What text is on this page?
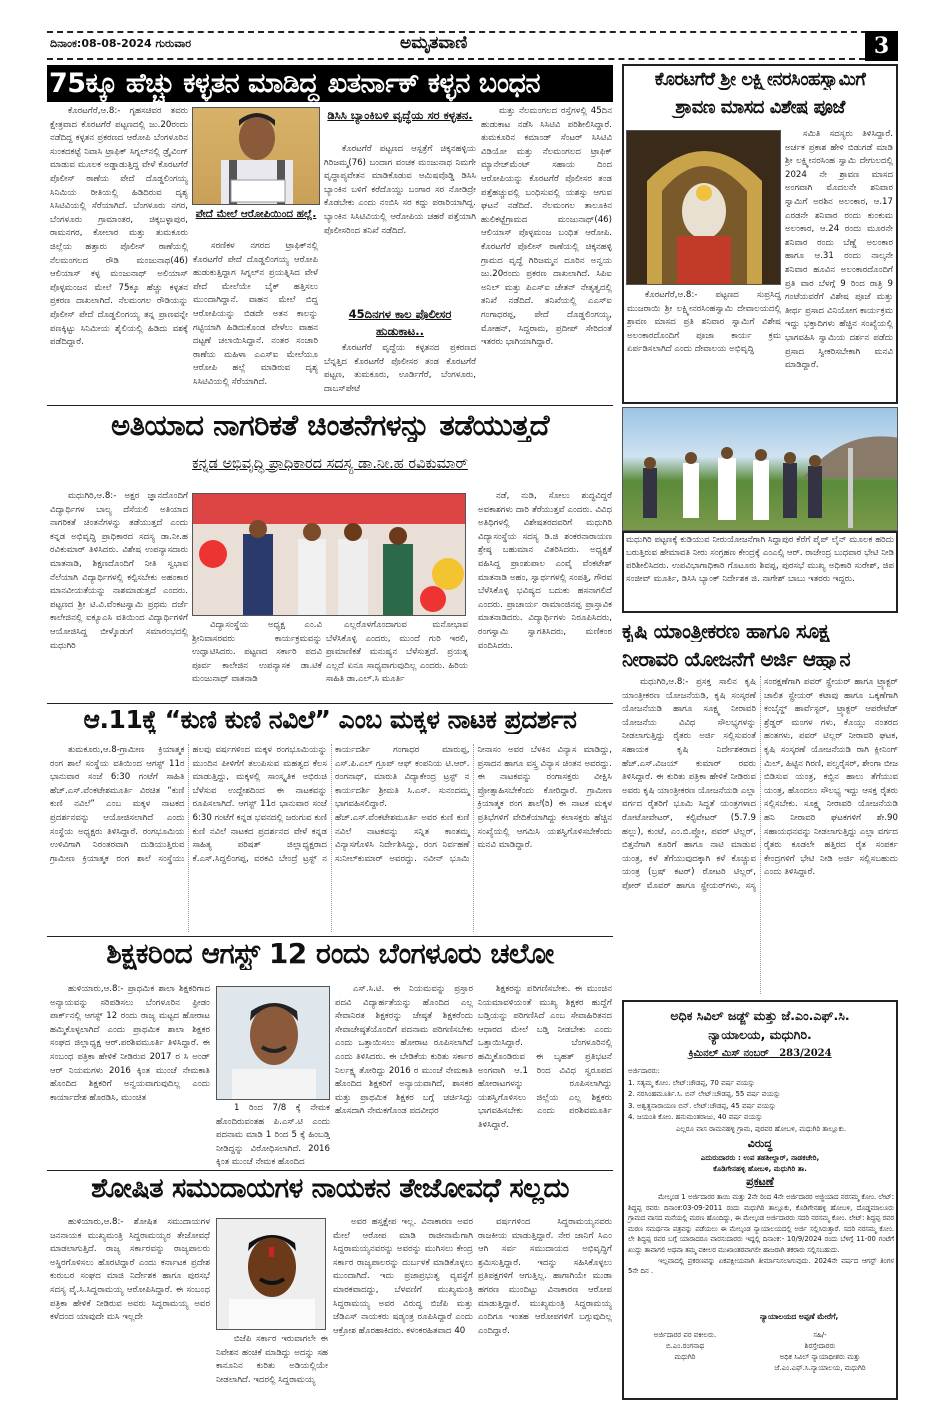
ದಿನಾಂಕ:08-08-2024 ಗುರುವಾರ	ಅಮೃತವಾಣಿ	3
75ಕ್ಕೂ ಹೆಚ್ಚು ಕಳ್ಳತನ ಮಾಡಿದ್ದ ಖತರ್ನಾಕ್ ಕಳ್ಳನ ಬಂಧನ

ಕೊರಟಗೆರೆ,ಆ.8:- ಗೃಹಸಚಿವರ ತವರು ಕ್ಷೇತ್ರವಾದ ಕೊರಟಗೆರೆ ಪಟ್ಟಣದಲ್ಲಿ ಜು.20ರಂದು ನಡೆದಿದ್ದ ಕಳ್ಳತನ ಪ್ರಕರಣದ ಆರೋಪಿ ಬೆಂಗಳೂರಿನ ಸುಂಕದಕಟ್ಟೆ ನಿವಾಸಿ ಟ್ರಾಫಿಕ್ ಸಿಗ್ನಲ್‌ನಲ್ಲಿ ಡ್ರೈವಿಂಗ್ ಮಾಡುವ ಮೂಲಕ ಅಡ್ಡಾಡುತ್ತಿದ್ದ ವೇಳೆ ಕೊರಟಗೆರೆ ಪೊಲೀಸ್ ಠಾಣೆಯ ಪೇದೆ ದೊಡ್ಡಲಿಂಗಯ್ಯ ಸಿನಿಮಿಯ ರೀತಿಯಲ್ಲಿ ಹಿಡಿದಿರುವ ದೃಶ್ಯ ಸಿಸಿಟಿವಿಯಲ್ಲಿ ಸೆರೆಯಾಗಿದೆ. ಬೆಂಗಳೂರು ನಗರ, ಬೆಂಗಳೂರು ಗ್ರಾಮಾಂತರ, ಚಿಕ್ಕಬಳ್ಳಾಪುರ, ರಾಮನಗರ, ಕೋಲಾರ ಮತ್ತು ತುಮಕೂರು ಜಿಲ್ಲೆಯ ಹತ್ತಾರು ಪೊಲೀಸ್ ಠಾಣೆಯಲ್ಲಿ ನೆಲಮಂಗಲದ ರೌಡಿ ಮಂಜುನಾಥ(46) ಆಲಿಯಾಸ್ ಕಳ್ಳ ಮಂಜುನಾಥ್ ಅಲಿಯಾಸ್ ಪೊಳ್ಳಮಂಜನ ಮೇಲೆ 75ಕ್ಕೂ ಹೆಚ್ಚು ಕಳ್ಳತನ ಪ್ರಕರಣ ದಾಖಲಾಗಿದೆ. ನೆಲಮಂಗಲ ರೌಡಿಯನ್ನು ಪೊಲೀಸ್ ಪೇದೆ ದೊಡ್ಡಲಿಂಗಯ್ಯ ತನ್ನ ಪ್ರಾಣವನ್ನೇ ಪಣಕ್ಕಿಟ್ಟು ಸಿನಿಮೀಯ ಶೈಲಿಯಲ್ಲಿ ಹಿಡಿದು ವಶಕ್ಕೆ ಪಡೆದಿದ್ದಾರೆ.

ಪೇದೆ ಮೇಲೆ ಆರೋಪಿಯಿಂದ ಹಲ್ಲೆ.

ಸರಣಿಕಳ ನಗರದ ಟ್ರಾಫಿಕ್‌ನಲ್ಲಿ ಕೊರಟಗೆರೆ ಪೇದೆ ದೊಡ್ಡಲಿಂಗಯ್ಯ ಆರೋಪಿ ಹುಡುಕುತ್ತಿದ್ದಾಗ ಸಿಗ್ನಲ್‌ನ ಪ್ರಯತ್ನಿಸಿದ ವೇಳೆ ಪೇದೆ ಮೇಲೆಯೇ ಬೈಕ್ ಹತ್ತಿಸಲು ಮುಂದಾಗಿದ್ದಾನೆ. ವಾಹನ ಮೇಲೆ ಬಿದ್ದ ಆರೋಪಿಯನ್ನು ಬಿಡದೇ ಅತನ ಕಾಲನ್ನು ಗಟ್ಟಿಯಾಗಿ ಹಿಡಿದುಕೊಂಡ ವೇಳೆಲು ವಾಹನ ದಟ್ಟಣೆ ಚಲಾಯಿಸಿದ್ದಾನೆ. ನಂತರ ಸಂಚಾರಿ ಠಾಣೆಯ ಮಹಿಳಾ ಎಎಸ್ಐ ಮೇಲೆಯೂ ಆರೋಪಿ ಹಲ್ಲೆ ಮಾಡಿರುವ ದೃಶ್ಯ ಸಿಸಿಟಿವಿಯಲ್ಲಿ ಸೆರೆಯಾಗಿದೆ.

ಡಿಸಿಸಿ ಬ್ಯಾಂಕಿಬಳಿ ವೃದ್ಧೆಯ ಸರ ಕಳ್ಳತನ.

ಕೊರಟಗೆರೆ ಪಟ್ಟಣದ ಆಸ್ಪತ್ರೆಗೆ ಚಿಕ್ಕನಹಳ್ಳಿಯ ಗಿರಿಜಮ್ಮ(76) ಬಂದಾಗ ವಂಚಕ ಮಂಜುನಾಥ ನಿಮಗೇ ವೃದ್ಧಾಪ್ಯವೇತನ ಮಾಡಿಕೊಡುವ ಆಮಿಷವೊಡ್ಡಿ ಡಿಸಿಸಿ ಬ್ಯಾಂಕಿನ ಬಳಿಗೆ ಕರೆದೊಯ್ದು ಬಂಗಾರ ಸರ ನೋಡಿದ್ರೇ ಕೊಡಬೇಕು ಎಂದು ನಂಬಿಸಿ ಸರ ಕದ್ದು ಪರಾರಿಯಾಗಿದ್ದ. ಬ್ಯಾಂಕಿನ ಸಿಸಿಟಿವಿಯಲ್ಲಿ ಆರೋಪಿಯ ಚಹರೆ ಪತ್ತೆಯಾಗಿ ಪೊಲೀಸರಿಂದ ತನಿಖೆ ನಡೆದಿದೆ.

45ದಿನಗಳ ಕಾಲ ಪೊಲೀಸರ ಹುಡುಕಾಟ..

ಕೊರಟಗೆರೆ ವೃದ್ಧೆಯ ಕಳ್ಳತನದ ಪ್ರಕರಣದ ಬೆನ್ನತ್ತಿದ ಕೊರಟಗೆರೆ ಪೊಲೀಸರ ತಂಡ ಕೊರಟಗೆರೆ ಪಟ್ಟಣ, ತುಮಕೂರು, ಊರ್ಡಿಗೆರೆ, ಬೆಂಗಳೂರು, ದಾಬಸ್‌ಪೇಟೆ

ಮತ್ತು ನೆಲಮಂಗಲದ ರಸ್ತೆಗಳಲ್ಲಿ 45ದಿನ ಹುಡುಕಾಟ ನಡೆಸಿ ಸಿಸಿಟಿವಿ ಪರಿಶೀಲಿಸಿದ್ದಾರೆ. ತುಮಕೂರಿನ ಕಮಾಂಡ್ ಸೆಂಟರ್ ಸಿಸಿಟಿವಿ ವಿಡಿಯೋ ಮತ್ತು ನೆಲಮಂಗಲದ ಟ್ರಾಫಿಕ್ ಮ್ಯಾನೇಜ್‌ಮೆಂಟ್ ಸಹಾಯ ದಿಂದ ಆರೋಪಿಯನ್ನು ಕೊರಟಗೆರೆ ಪೊಲೀಸರ ತಂಡ ಪತ್ತೆಹಚ್ಚುವಲ್ಲಿ ಬಂಧಿಸುವಲ್ಲಿ ಯಶಸ್ಸು ಆಗುವ ಘಟನೆ ನಡೆದಿದೆ. ನೆಲಮಂಗಲ ತಾಲೂಕಿನ ಹುಲಿಕಟ್ಟೆಗ್ರಾಮದ ಮಂಜುನಾಥ್(46) ಆಲಿಯಾಸ್ ಪೊಳ್ಳಮಂಜ ಬಂಧಿತ ಆರೋಪಿ. ಕೊರಟಗೆರೆ ಪೊಲೀಸ್ ಠಾಣೆಯಲ್ಲಿ ಚಿಕ್ಕನಹಳ್ಳಿ ಗ್ರಾಮದ ವೃದ್ಧೆ ಗಿರಿಜಮ್ಮನ ದೂರಿನ ಅನ್ವಯ ಜು.20ರಂದು ಪ್ರಕರಣ ದಾಖಲಾಗಿದೆ. ಸಿಪಿಐ ಅನಿಲ್ ಮತ್ತು ಪಿಎಸ್ಐ ಚೇತನ್ ನೇತೃತ್ವದಲ್ಲಿ ತನಿಖೆ ನಡೆದಿದೆ. ತನಿಖೆಯಲ್ಲಿ ಎಎಸ್ಐ ಗಂಗಾಧರಪ್ಪ, ಪೇದೆ ದೊಡ್ಡಲಿಂಗಯ್ಯ, ಮೋಹನ್, ಸಿದ್ದರಾಮ, ಪ್ರದೀಪ್ ಸೇರಿದಂತೆ ಇತರರು ಭಾಗಿಯಾಗಿದ್ದಾರೆ.

ಕೊರಟಗೆರೆ ಶ್ರೀ ಲಕ್ಷ್ಮೀನರಸಿಂಹಸ್ವಾಮಿಗೆ
ಶ್ರಾವಣ ಮಾಸದ ವಿಶೇಷ ಪೂಜೆ

ಸಮಿತಿ ಸದಸ್ಯರು ತಿಳಿಸಿದ್ದಾರೆ. ಅರ್ಚಕ ಪ್ರಕಾಶ ಹೇಳಿ ಬಿಡುಗಡೆ ಮಾಡಿ ಶ್ರೀ ಲಕ್ಷ್ಮೀನರಸಿಂಹ ಸ್ವಾಮಿ ದೇಗುಲದಲ್ಲಿ 2024 ನೇ ಶ್ರಾವಣ ಮಾಸದ ಅಂಗವಾಗಿ ಮೊದಲನೇ ಶನಿವಾರ ಸ್ವಾಮಿಗೆ ಅರಶಿನ ಅಲಂಕಾರ, ಆ.17 ಎರಡನೇ ಶನಿವಾರ ರಂದು ಕುಂಕುಮ ಅಲಂಕಾರ, ಆ.24 ರಂದು ಮೂರನೇ ಶನಿವಾರ ರಂದು ಬೆಣ್ಣೆ ಅಲಂಕಾರ ಹಾಗೂ ಆ.31 ರಂದು ನಾಲ್ಕನೇ ಶನಿವಾರ ಹೂವಿನ ಅಲಂಕಾರದೊಂದಿಗೆ ಪ್ರತಿ ವಾರ ಬೆಳಗ್ಗೆ 9 ರಿಂದ ರಾತ್ರಿ 9 ಗಂಟೆಯವರೆಗೆ ವಿಶೇಷ ಪೂಜೆ ಮತ್ತು ತೀರ್ಥ ಪ್ರಸಾದ ವಿನಿಯೋಗ ಕಾರ್ಯಕ್ರಮ ಇದ್ದು ಭಕ್ತಾದಿಗಳು ಹೆಚ್ಚಿನ ಸಂಖ್ಯೆಯಲ್ಲಿ ಭಾಗವಹಿಸಿ ಸ್ವಾಮಿಯ ದರ್ಶನ ಪಡೆದು ಪ್ರಸಾದ ಸ್ವೀಕರಿಸಬೇಕಾಗಿ ಮನವಿ ಮಾಡಿದ್ದಾರೆ.

ಕೊರಟಗೆರೆ,ಆ.8:- ಪಟ್ಟಣದ ಸುಪ್ರಸಿದ್ಧ ಮುಜರಾಯಿ ಶ್ರೀ ಲಕ್ಷ್ಮೀನರಸಿಂಹಸ್ವಾಮಿ ದೇವಾಲಯದಲ್ಲಿ ಶ್ರಾವಣ ಮಾಸದ ಪ್ರತಿ ಶನಿವಾರ ಸ್ವಾಮಿಗೆ ವಿಶೇಷ ಅಲಂಕಾರದೊಂದಿಗೆ ಪೂಜಾ ಕಾರ್ಯ ಕ್ರಮ ಏರ್ಪಡಿಸಲಾಗಿದೆ ಎಂದು ದೇವಾಲಯ ಅಭಿವೃದ್ಧಿ

ಅತಿಯಾದ ನಾಗರಿಕತೆ ಚಿಂತನೆಗಳನ್ನು ತಡೆಯುತ್ತದೆ
ಕನ್ನಡ ಅಭಿವೃದ್ಧಿ ಪ್ರಾಧಿಕಾರದ ಸದಸ್ಯ ಡಾ.ನೀ.ಹ ರವಿಕುಮಾರ್

ಮಧುಗಿರಿ,ಆ.8:- ಅಕ್ಷರ ಜ್ಞಾನದೊಂದಿಗೆ ವಿದ್ಯಾರ್ಥಿಗಳ ಬಾಲ್ಯ ದೆಸೆಯಲಿ ಅತಿಯಾದ ನಾಗರಿಕತೆ ಚಿಂತನೆಗಳನ್ನು ತಡೆಯುತ್ತದೆ ಎಂದು ಕನ್ನಡ ಅಭಿವೃದ್ಧಿ ಪ್ರಾಧಿಕಾರದ ಸದಸ್ಯ ಡಾ.ನೀ.ಹ ರವಿಕುಮಾರ್ ತಿಳಿಸಿದರು. ವಿಶೇಷ ಉಪನ್ಯಾಸದಾರು ಮಾತನಾಡಿ, ಶಿಕ್ಷಣದೊಂದಿಗೆ ನೀತಿ ಸ್ವಭಾವ ನೆಲೆಯಾಗಿ ವಿದ್ಯಾರ್ಥಿಗಳಲ್ಲಿ ಕಲ್ಪಿಸಬೇಕು ಅಹಂಕಾರ ಮಾನವೀಯತೆಯನ್ನು ನಾಶಮಾಡುತ್ತದೆ ಎಂದರು. ಪಟ್ಟಣದ ಶ್ರೀ ಟಿ.ವಿ.ವೆಂಕಟಸ್ವಾಮಿ ಪ್ರಥಮ ದರ್ಜೆ ಕಾಲೇಜಿನಲ್ಲಿ ಐಕ್ಯೂಎಸಿ ವತಿಯಿಂದ ವಿದ್ಯಾರ್ಥಿಗಳಿಗೆ ಆಯೋಜಿಸಿದ್ದ ಬೀಳ್ಕೊಡುಗೆ ಸಮಾರಂಭದಲ್ಲಿ ಮಧುಗಿರಿ

ವಿದ್ಯಾಸಂಸ್ಥೆಯ ಅಧ್ಯಕ್ಷ ಎಂ.ವಿ ಶ್ರೀನಿವಾಸರವರು ಕಾರ್ಯಕ್ರಮವನ್ನು ಉದ್ಘಾಟಿಸಿದರು. ಪಟ್ಟಣದ ಸರ್ಕಾರಿ ಪದವಿ ಪೂರ್ವ ಕಾಲೇಜಿನ ಉಪನ್ಯಾಸಕ ಡಾ.ಟಿಕೆ ಮಂಜುನಾಥ್ ವಾತನಾಡಿ

ಎಲ್ಲರೊಳಗೊಂದಾಗುವ ಮನೋಭಾವ ಬೆಳೆಸಿಕೊಳ್ಳಿ ಎಂದರು, ಮುಂದೆ ಗುರಿ ಇರಲಿ, ಪ್ರಾಮಾಣಿಕತೆ ಮನುಷ್ಯನ ಬೆಳೆಸುತ್ತದೆ. ಪ್ರಯತ್ನ ಎಲ್ಲದೆ ಏನೂ ಸಾಧ್ಯವಾಗುವುದಿಲ್ಲ ಎಂದರು. ಹಿರಿಯ ಸಾಹಿತಿ ಡಾ.ಎಲ್.ಸಿ ಮೂರ್ತಿ

ನಡೆ, ನುಡಿ, ಸೋಲು ಶುದ್ಧವಿದ್ದರೆ ಅವಕಾಶಗಳು ದಾರಿ ತೆರೆಯುತ್ತವೆ ಎಂದರು. ವಿವಿಧ ಅತಿಥಿಗಳಲ್ಲಿ ವಿಶೇಷತರದವರಿಗೆ ಮಧುಗಿರಿ ವಿದ್ಯಾಸಂಸ್ಥೆಯ ಸದಸ್ಯ ಡಿ.ಜಿ ಶಂಕರನಾರಾಯಣ ಶ್ರೇಷ್ಠ ಬಹುಮಾನ ವಿತರಿಸಿದರು. ಅಧ್ಯಕ್ಷತೆ ವಹಿಸಿದ್ದ ಪ್ರಾಂಶುಪಾಲ ಎಂವೈ ವೆಂಕಟೇಶ್ ಮಾತನಾಡಿ ಅಹಂ, ಸ್ವಾರ್ಥಗಳಲ್ಲಿ ಸಂಪತ್ತಿ, ಗೌರವ ಬೆಳೆಸಿಕೊಳ್ಳಿ ಭವಿಷ್ಯದ ಬದುಕು ಹಸನಾಗಲಿದೆ ಎಂದರು. ಪ್ರಾಚಾರ್ಯ ರಾಮಾಂಜಿನಪ್ಪ ಪ್ರಾಸ್ತಾವಿಕ ಮಾತನಾಡಿದರು. ವಿದ್ಯಾರ್ಥಿಗಳು ನಿರೂಪಿಸಿದರು, ರಂಗಸ್ವಾಮಿ ಸ್ವಾಗತಿಸಿದರು, ಮಣಿಕಂಠ ವಂದಿಸಿದರು.

ಮಧುಗಿರಿ ಪಟ್ಟಣಕ್ಕೆ ಕುಡಿಯುವ ನೀರುಯೋಜನೆಗಾಗಿ ಸಿದ್ದಾಪುರ ಕೆರೆಗೆ ಪೈಪ್ ಲೈನ್ ಮೂಲಕ ಹರಿದು ಬರುತ್ತಿರುವ ಹೇಮಾವತಿ ನೀರು ಸಂಗ್ರಹಣ ಕೇಂದ್ರಕ್ಕೆ ಎಂಎಲ್ಸಿ ಆರ್. ರಾಜೇಂದ್ರ ಬುಧವಾರ ಭೇಟಿ ನೀಡಿ ಪರಿಶೀಲಿಸಿದರು. ಉಪವಿಭಾಗಾಧಿಕಾರಿ ಗೊಟೂರು ಶಿವಪ್ಪ, ಪುರಸಭೆ ಮುಖ್ಯ ಅಧಿಕಾರಿ ಸುರೇಶ್, ಜಿಪ ಸಂಜೀವ್ ಮೂರ್ತಿ, ಡಿಸಿಸಿ ಬ್ಯಾಂಕ್ ನಿರ್ದೇಶಕ ಜಿ. ನಾಗೇಶ್ ಬಾಬು ಇತರರು ಇದ್ದರು.
ಕೃಷಿ ಯಾಂತ್ರೀಕರಣ ಹಾಗೂ ಸೂಕ್ಷ್ಮ
ನೀರಾವರಿ ಯೋಜನೆಗೆ ಅರ್ಜಿ ಆಹ್ವಾನ

ಮಧುಗಿರಿ,ಆ.8:- ಪ್ರಸಕ್ತ ಸಾಲಿನ ಕೃಷಿ ಯಾಂತ್ರೀಕರಣ ಯೋಜನೆಯಡಿ, ಕೃಷಿ ಸಂಸ್ಕರಣೆ ಯೋಜನೆಯಡಿ ಹಾಗೂ ಸೂಕ್ಷ್ಮ ನೀರಾವರಿ ಯೋಜನೆಯ ವಿವಿಧ ಸೌಲಭ್ಯಗಳನ್ನು ನೀಡಲಾಗುತ್ತಿದ್ದು ರೈತರು ಅರ್ಜಿ ಸಲ್ಲಿಸುವಂತೆ ಸಹಾಯಕ ಕೃಷಿ ನಿರ್ದೇಶಕರಾದ ಹೆಚ್.ಎಸ್.ವಿಜಯ್ ಕುಮಾರ್ ರವರು ತಿಳಿಸಿದ್ದಾರೆ. ಈ ಕುರಿತು ಪತ್ರಿಕಾ ಹೇಳಿಕೆ ನೀಡಿರುವ ಅವರು ಕೃಷಿ ಯಾಂತ್ರೀಕರಣ ಯೋಜನೆಯಡಿ ಎಲ್ಲಾ ವರ್ಗದ ರೈತರಿಗೆ ಭೂಮಿ ಸಿದ್ಧತೆ ಯಂತ್ರಗಳಾದ ರೋಟೋವೇಟರ್, ಕಲ್ಟಿವೇಟರ್ (5.7.9 ಹಲ್ಲು), ಕುಂಟೆ, ಎಂ.ಬಿ.ಪ್ಲೋ, ಪವರ್ ಟಿಲ್ಲರ್, ಬಿತ್ತನೆಗಾಗಿ ಕೂರಿಗೆ ಹಾಗೂ ನಾಟಿ ಮಾಡುವ ಯಂತ್ರ, ಕಳೆ ತೆಗೆಯುವುದಕ್ಕಾಗಿ ಕಳೆ ಕೊಚ್ಚುವ ಯಂತ್ರ (ಬ್ರಷ್ ಕಟರ್) ರೋಟರಿ ಟಿಲ್ಲರ್, ಪೋರ್ ಮೊವರ್ ಹಾಗೂ ಸ್ಪ್ರೇಯರ್‌ಗಳು, ಸಸ್ಯ ಸಂರಕ್ಷಣೆಗಾಗಿ ಪವರ್ ಸ್ಪ್ರೇಯರ್ ಹಾಗೂ ಟ್ರ್ಯಾಕ್ಟರ್ ಚಾಲಿತ ಸ್ಪ್ರೇಯರ್ ಕಟಾವು ಹಾಗೂ ಒಕ್ಕಣೆಗಾಗಿ ಕಂಬೈನ್ಡ್ ಹಾರ್ವೆಸ್ಟರ್, ಟ್ರ್ಯಾಕ್ಟರ್ ಆಪರೇಟೆಡ್ ಶ್ರೆಡ್ಡರ್ ಮಂಗಳ ಗಳು, ಕೊಯ್ಲು ನಂತರದ ಹಂತಗಳು, ಪವರ್ ಟಿಲ್ಲರ್ ನೀರಾವರಿ ಘಟಕ, ಕೃಷಿ ಸಂಸ್ಕರಣೆ ಯೋಜನೆಯಡಿ ರಾಗಿ ಕ್ಲೀನಿಂಗ್ ಮಿಲ್, ಹಿಟ್ಟಿನ ಗಿರಣಿ, ಪಲ್ವರೈಸರ್, ಶೇಂಗಾ ಬೀಜ ಬಿಡಿಸುವ ಯಂತ್ರ, ಕಬ್ಬಿನ ಹಾಲು ತೆಗೆಯುವ ಯಂತ್ರ, ಹೊಂದಲು ಸೌಲಭ್ಯ ಇದ್ದು ಆಸಕ್ತ ರೈತರು ಸಲ್ಲಿಸಬೇಕು. ಸೂಕ್ಷ್ಮ ನೀರಾವರಿ ಯೋಜನೆಯಡಿ ಹನಿ ನೀರಾವರಿ ಘಟಕಗಳಿಗೆ ಶೇ.90 ಸಹಾಯಧನವನ್ನು ನೀಡಲಾಗುತ್ತಿದ್ದು ಎಲ್ಲಾ ವರ್ಗದ ರೈತರು ಕೂಡಲೇ ಹತ್ತಿರದ ರೈತ ಸಂಪರ್ಕ ಕೇಂದ್ರಗಳಿಗೆ ಭೇಟಿ ನೀಡಿ ಅರ್ಜಿ ಸಲ್ಲಿಸಬಹುದು ಎಂದು ತಿಳಿಸಿದ್ದಾರೆ.

ಆ.11ಕ್ಕೆ “ಕುಣಿ ಕುಣಿ ನವಿಲೆ” ಎಂಬ ಮಕ್ಕಳ ನಾಟಕ ಪ್ರದರ್ಶನ

ತುಮಕೂರು,ಆ.8-ಗ್ರಾಮೀಣ ಕ್ರಿಯಾತ್ಮಕ ರಂಗ ಶಾಲೆ ಸಂಸ್ಥೆಯ ವತಿಯಿಂದ ಆಗಸ್ಟ್ 11ರ ಭಾನುವಾರ ಸಂಜೆ 6:30 ಗಂಟೆಗೆ ಸಾಹಿತಿ ಹೆಚ್.ಎಸ್.ವೆಂಕಟೇಶಮೂರ್ತಿ ವಿರಚಿತ “ಕುಣಿ ಕುಣಿ ನವಿಲೆ” ಎಂಬ ಮಕ್ಕಳ ನಾಟಕದ ಪ್ರದರ್ಶನವನ್ನು ಆಯೋಜಿಸಲಾಗಿದೆ ಎಂದು ಸಂಸ್ಥೆಯ ಅಧ್ಯಕ್ಷರು ತಿಳಿಸಿದ್ದಾರೆ. ರಂಗಭೂಮಿಯ ಉಳಿವಿಗಾಗಿ ನಿರಂತರವಾಗಿ ದುಡಿಯುತ್ತಿರುವ ಗ್ರಾಮೀಣ ಕ್ರಿಯಾತ್ಮಕ ರಂಗ ಶಾಲೆ ಸಂಸ್ಥೆಯು ಹಲವು ವರ್ಷಗಳಿಂದ ಮಕ್ಕಳ ರಂಗಭೂಮಿಯನ್ನು ಮುಂದಿನ ಪೀಳಿಗೆಗೆ ತಲುಪಿಸುವ ಮಹತ್ವದ ಕೆಲಸ ಮಾಡುತ್ತಿದ್ದು, ಮಕ್ಕಳಲ್ಲಿ ಸಾಂಸ್ಕೃತಿಕ ಅಭಿರುಚಿ ಬೆಳೆಸುವ ಉದ್ದೇಶದಿಂದ ಈ ನಾಟಕವನ್ನು ರೂಪಿಸಲಾಗಿದೆ. ಆಗಸ್ಟ್ 11ರ ಭಾನುವಾರ ಸಂಜೆ 6:30 ಗಂಟೆಗೆ ಕನ್ನಡ ಭವನದಲ್ಲಿ ಜರುಗುವ ಕುಣಿ ಕುಣಿ ನವಿಲೆ ನಾಟಕದ ಪ್ರದರ್ಶನದ ವೇಳೆ ಕನ್ನಡ ಸಾಹಿತ್ಯ ಪರಿಷತ್ ಜಿಲ್ಲಾಧ್ಯಕ್ಷರಾದ ಕೆ.ಎಸ್.ಸಿದ್ದಲಿಂಗಪ್ಪ, ವರಕವಿ ಬೇಂದ್ರೆ ಟ್ರಸ್ಟ್ ನ ಕಾರ್ಯದರ್ಶಿ ಗಂಗಾಧರ ಮಾರುಪ್ಪ, ಎಸ್.ಪಿ.ಎಲ್ ಗ್ರೂಪ್ ಆಫ್ ಕಂಪನಿಯ ಟಿ.ಆರ್. ರಂಗನಾಥ್, ಮಾರುತಿ ವಿದ್ಯಾಕೇಂದ್ರ ಟ್ರಸ್ಟ್ ನ ಕಾರ್ಯದರ್ಶಿ ಶ್ರೀಮತಿ ಸಿ.ಎಸ್. ಸುನಂದಮ್ಮ ಭಾಗವಹಿಸಲಿದ್ದಾರೆ. ಹೆಚ್.ಎಸ್.ವೆಂಕಟೇಶಮೂರ್ತಿ ಅವರ ಕುಣಿ ಕುಣಿ ನವಿಲೆ ನಾಟಕವನ್ನು ಸನ್ನಿತ ಕಾಂತಮ್ಮ ವಿನ್ಯಾಸಗೊಳಿಸಿ ನಿರ್ದೇಶಿಸಿದ್ದು, ರಂಗ ನಿರ್ವಹಣೆ ಸುನೀಲ್‌ಕುಮಾರ್ ಅವರದ್ದು. ನವೀನ್ ಭೂಮಿ ನೀನಾಸಂ ಅವರ ಬೆಳಕಿನ ವಿನ್ಯಾಸ ಮಾಡಿದ್ದು, ಪ್ರಸಾದನ ಹಾಗೂ ವಸ್ತ್ರ ವಿನ್ಯಾಸ ಚಿಂತನ ಅವರದ್ದು. ಈ ನಾಟಕವನ್ನು ರಂಗಾಸಕ್ತರು ವೀಕ್ಷಿಸಿ ಪ್ರೋತ್ಸಾಹಿಸಬೇಕೆಂದು ಕೋರಿದ್ದಾರೆ. ಗ್ರಾಮೀಣ ಕ್ರಿಯಾತ್ಮಕ ರಂಗ ಶಾಲೆ(ರಿ) ಈ ನಾಟಕ ಮಕ್ಕಳ ಪ್ರತಿಭೆಗಳಿಗೆ ವೇದಿಕೆಯಾಗಿದ್ದು ಕಲಾಸಕ್ತರು ಹೆಚ್ಚಿನ ಸಂಖ್ಯೆಯಲ್ಲಿ ಆಗಮಿಸಿ ಯಶಸ್ವಿಗೊಳಿಸಬೇಕೆಂದು ಮನವಿ ಮಾಡಿದ್ದಾರೆ.

ಶಿಕ್ಷಕರಿಂದ ಆಗಸ್ಟ್ 12 ರಂದು ಬೆಂಗಳೂರು ಚಲೋ

ಹುಳಿಯಾರು,ಆ.8:- ಪ್ರಾಥಮಿಕ ಶಾಲಾ ಶಿಕ್ಷಕರಿಗಾದ ಅನ್ಯಾಯವನ್ನು ಸರಿಪಡಿಸಲು ಬೆಂಗಳೂರಿನ ಫ್ರೀಡಂ ಪಾರ್ಕ್‌ನಲ್ಲಿ ಆಗಸ್ಟ್ 12 ರಂದು ರಾಜ್ಯ ಮಟ್ಟದ ಹೋರಾಟ ಹಮ್ಮಿಕೊಳ್ಳಲಾಗಿದೆ ಎಂದು ಪ್ರಾಥಮಿಕ ಶಾಲಾ ಶಿಕ್ಷಕರ ಸಂಘದ ಜಿಲ್ಲಾಧ್ಯಕ್ಷ ಆರ್.ಪರಶಿವಮೂರ್ತಿ ತಿಳಿಸಿದ್ದಾರೆ. ಈ ಸಂಬಂಧ ಪತ್ರಿಕಾ ಹೇಳಿಕೆ ನೀಡಿರುವ 2017 ರ ಸಿ ಅಂಡ್ ಆರ್ ನಿಯಮಗಳು 2016 ಕ್ಕಿಂತ ಮುಂಚೆ ನೇಮಕಾತಿ ಹೊಂದಿದ ಶಿಕ್ಷಕರಿಗೆ ಅನ್ವಯವಾಗುವುದಿಲ್ಲ ಎಂದು ಕಾರ್ಯಾದೇಶ ಹೊರಡಿಸಿ, ಮುಂಚಿತ

1 ರಿಂದ 7/8 ಕ್ಕೆ ನೇಮಕ ಹೊಂದಿರುವಂತಹ ಪಿ.ಎಸ್.ಟಿ ಎಂದು ಪದನಾಮ ಮಾಡಿ 1 ರಿಂದ 5 ಕ್ಕೆ ಹಿಂಬಡ್ತಿ ನೀಡಿದ್ದನ್ನು ವಿರೋಧಿಸಲಾಗಿದೆ. 2016 ಕ್ಕಿಂತ ಮುಂಚೆ ನೇಮಕ ಹೊಂದಿದ

ಎಸ್.ಸಿ.ಟಿ. ಈ ನಿಯಮವನ್ನು ಪ್ರಸ್ತಾರ ಪದವಿ ವಿದ್ಯಾರ್ಹತೆಯನ್ನು ಹೊಂದಿದ ಎಲ್ಲ ಸೇವಾನಿರತ ಶಿಕ್ಷಕರನ್ನು ಜೇಷ್ಠತೆ ಶಿಕ್ಷಕರೆಂದು ಸೇವಾಜೇಷ್ಠತೆಯೊಂದಿಗೆ ಪದನಾಮ ಪರಿಗಣಿಸಬೇಕು ಎಂದು ಒತ್ತಾಯಿಸಲು ಹೋರಾಟ ರೂಪಿಸಲಾಗಿದೆ ಎಂದು ತಿಳಿಸಿದರು. ಈ ಬೇಡಿಕೆಯ ಕುರಿತು ಸರ್ಕಾರ ನಿರ್ಲಕ್ಷ್ಯ ತೋರಿದ್ದು 2016 ರ ಮುಂಚೆ ನೇಮಕಾತಿ ಹೊಂದಿದ ಶಿಕ್ಷಕರಿಗೆ ಅನ್ಯಾಯವಾಗಿದೆ, ಶಾಸಕರ ಮತ್ತು ಪ್ರಾಥಮಿಕ ಶಿಕ್ಷಕರ ಬಗ್ಗೆ ಚರ್ಚಿಸಿದ್ದು ಹೊಸದಾಗಿ ನೇಮಕಗೊಂಡ ಪದವೀಧರ

ಶಿಕ್ಷಕರನ್ನು ಪರಿಗಣಿಸಬೇಕು. ಈ ಮುಂಚಿನ ನಿಯಮಾವಳಿಯಂತೆ ಮುಖ್ಯ ಶಿಕ್ಷಕರ ಹುದ್ದೆಗೆ ಬಡ್ತಿಯನ್ನು ಪರಿಗಣಿಸಿದೆ ಎಂಬ ಸೇವಾಹಿರಿತನದ ಆಧಾರದ ಮೇಲೆ ಬಡ್ತಿ ನೀಡಬೇಕು ಎಂದು ಒತ್ತಾಯಿಸಿದ್ದಾರೆ. ಬೆಂಗಳೂರಿನಲ್ಲಿ ಹಮ್ಮಿಕೊಂಡಿರುವ ಈ ಬೃಹತ್ ಪ್ರತಿಭಟನೆ ಅಂಗವಾಗಿ ಆ.1 ರಿಂದ ವಿವಿಧ ಸ್ವರೂಪದ ಹೋರಾಟಗಳನ್ನು ರೂಪಿಸಲಾಗಿದ್ದು ಯಶಸ್ವಿಗೊಳಿಸಲು ಜಿಲ್ಲೆಯ ಎಲ್ಲ ಶಿಕ್ಷಕರು ಭಾಗವಹಿಸಬೇಕು ಎಂದು ಪರಶಿವಮೂರ್ತಿ ತಿಳಿಸಿದ್ದಾರೆ.

ಶೋಷಿತ ಸಮುದಾಯಗಳ ನಾಯಕನ ತೇಜೋವಧೆ ಸಲ್ಲದು

ಹುಳಿಯಾರು,ಆ.8:- ಶೋಷಿತ ಸಮುದಾಯಗಳ ಜನನಾಯಕ ಮುಖ್ಯಮಂತ್ರಿ ಸಿದ್ದರಾಮಯ್ಯರ ತೇಜೋವಧೆ ಮಾಡಲಾಗುತ್ತಿದೆ. ರಾಜ್ಯ ಸರ್ಕಾರವನ್ನು ರಾಜ್ಯಪಾಲರು ಅಸ್ಥಿರಗೊಳಿಸಲು ಹೊರಟಿದ್ದಾರೆ ಎಂದು ಕರ್ನಾಟಕ ಪ್ರದೇಶ ಕುರುಬರ ಸಂಘದ ಮಾಜಿ ನಿರ್ದೇಶಕ ಹಾಗೂ ಪುರಸಭೆ ಸದಸ್ಯ ವೈ.ಸಿ.ಸಿದ್ದರಾಮಯ್ಯ ಆರೋಪಿಸಿದ್ದಾರೆ. ಈ ಸಂಬಂಧ ಪತ್ರಿಕಾ ಹೇಳಿಕೆ ನೀಡಿರುವ ಅವರು ಸಿದ್ದರಾಮಯ್ಯ ಅವರ ಕಳೆದಂದ ಯಾವುದೇ ಮಸಿ ಇಲ್ಲದೇ

ಬಿಜೆಪಿ ಸರ್ಕಾರ ಇರುವಾಗಲೇ ಈ ನಿವೇಶನ ಹಂಚಿಕೆ ಮಾಡಿದ್ದು ಅದನ್ನು ಸಹ ಕಾನೂನಿನ ಕುರಿತು ಅಡಿಯಲ್ಲಿಯೇ ನೀಡಲಾಗಿದೆ. ಇದರಲ್ಲಿ ಸಿದ್ದರಾಮಯ್ಯ

ಅವರ ಹಸ್ತಕ್ಷೇಪ ಇಲ್ಲ. ವಿನಾಕಾರಣ ಅವರ ಮೇಲೆ ಆರೋಪ ಮಾಡಿ ರಾಜೀನಾಮೆಗಾಗಿ ಸಿದ್ದರಾಮಯ್ಯನವರನ್ನು ಅವರನ್ನು ಮುಗಿಸಲು ಕೇಂದ್ರ ಸರ್ಕಾರ ರಾಜ್ಯಪಾಲರನ್ನು ದುರ್ಬಳಕೆ ಮಾಡಿಕೊಳ್ಳಲು ಮುಂದಾಗಿದೆ. ಇದು ಪ್ರಜಾಪ್ರಭುತ್ವ ವ್ಯವಸ್ಥೆಗೆ ಮಾರಕವಾದದ್ದು, ಬೆಳವಣಿಗೆ ಮುಖ್ಯಮಂತ್ರಿ ಸಿದ್ದರಾಮಯ್ಯ ಅವರ ವಿರುದ್ಧ ಬಿಜೆಪಿ ಮತ್ತು ಜೆಡಿಎಸ್ ನಾಯಕರು ಷಡ್ಯಂತ್ರ ರೂಪಿಸಿದ್ದಾರೆ ಎಂದು ಆಕ್ರೋಶ ಹೊರಹಾಕಿದರು. ಕಳಂಕರಹಿತವಾದ 40

ವರ್ಷಗಳಿಂದ ಸಿದ್ದರಾಮಯ್ಯನವರು ರಾಜಕೀಯ ಮಾಡುತ್ತಿದ್ದಾರೆ. ನೇರ ಜಾನಿಗೆ ಸಿಎಂ ಆಗಿ ಸರ್ವ ಸಮುದಾಯದ ಅಭಿವೃದ್ಧಿಗೆ ಶ್ರಮಿಸುತ್ತಿದ್ದಾರೆ. ಇದನ್ನು ಸಹಿಸಿಕೊಳ್ಳಲು ಪ್ರತಿಪಕ್ಷಗಳಿಗೆ ಆಗುತ್ತಿಲ್ಲ. ಹಾಗಾಗಿಯೇ ಮುಡಾ ಹಗರಣ ಮುಂದಿಟ್ಟು ವಿನಾಕಾರಣ ಆರೋಪ ಮಾಡುತ್ತಿದ್ದಾರೆ. ಮುಖ್ಯಮಂತ್ರಿ ಸಿದ್ದರಾಮಯ್ಯ ಎಂದಿಗೂ ಇಂತಹ ಆರೋಪಗಳಿಗೆ ಬಗ್ಗುವುದಿಲ್ಲ ಎಂದಿದ್ದಾರೆ.

ಅಧಿಕ ಸಿವಿಲ್ ಜಡ್ಜ್ ಮತ್ತು ಜೆ.ಎಂ.ಎಫ್.ಸಿ.
ನ್ಯಾಯಾಲಯ, ಮಧುಗಿರಿ.
ಕ್ರಿಮಿನಲ್ ಮಿಸ್ ನಂಬರ್ 283/2024
ಅರ್ಜಿದಾರರು:
1. ಸತ್ಯಮ್ಮ ಕೋಂ. ಲೇಟ್:ಚೌಡಪ್ಪ, 70 ವರ್ಷ ವಯಸ್ಸು
2. ನರಸಿಂಹಮೂರ್ತಿ.ಸಿ. ಬಿನ್ ಲೇಟ್:ಚೌಡಪ್ಪ, 55 ವರ್ಷ ವಯಸ್ಸು
3. ಅಶ್ವತ್ಥನಾರಾಯಣ ಬಿನ್. ಲೇಟ್:ಚೌಡಪ್ಪ, 45 ವರ್ಷ ವಯಸ್ಸು
4. ಜಯಂತಿ ಕೋಂ. ಹನುಮಂತರಾಜು, 40 ವರ್ಷ ವಯಸ್ಸು
ಎಲ್ಲರೂ ವಾಸ ರಾಮನಹಳ್ಳಿ ಗ್ರಾಮ, ಪುರವರ ಹೋಬಳಿ, ಮಧುಗಿರಿ ತಾಲ್ಲೂಕು.
ವಿರುದ್ಧ
ಎದುರುದಾರರು : ಉಪ ತಹಶೀಲ್ದಾರ್, ನಾಡಕಚೇರಿ,
ಕೊಡಿಗೇನಹಳ್ಳಿ ಹೋಬಳಿ, ಮಧುಗಿರಿ ತಾ.
ಪ್ರಕಟಣೆ

ಮೇಲ್ಕಂಡ 1 ಅರ್ಜಿದಾರರ ತಾಯಿ ಮತ್ತು 2ನೇ ರಿಂದ 4ನೇ ಅರ್ಜಿದಾರರ ಅಜ್ಜಿಯಾದ ನರಸಮ್ಮ ಕೋಂ. ಲೇಟ್: ಶಿದ್ಧಪ್ಪ ರವರು ದಿನಾಂಕ:03-09-2011 ರಂದು ಮಧುಗಿರಿ ತಾಲ್ಲೂಕು, ಕೊಡಿಗೇನಹಳ್ಳಿ ಹೋಬಳಿ, ದೊಡ್ಡಮಾಲೂರು ಗ್ರಾಮದ ವಾಸದ ಮನೆಯಲ್ಲಿ ಮರಣ ಹೊಂದಿದ್ದು, ಈ ಮೇಲ್ಕಂಡ ಅರ್ಜಿದಾರರು ಸದರಿ ನರಸಮ್ಮ ಕೋಂ. ಲೇಟ್: ಶಿದ್ಧಪ್ಪ ರವರ ಮರಣ ಸಮರ್ಥನಾ ಪತ್ರವನ್ನು ಪಡೆಯಲು ಈ ಮೇಲ್ಕಂಡ ನ್ಯಾಯಾಲಯದಲ್ಲಿ ಅರ್ಜಿ ಸಲ್ಲಿಸಿರುತ್ತಾರೆ. ಸದರಿ ನರಸಮ್ಮ ಕೋಂ. ಲೇ ಶಿದ್ಧಪ್ಪ ರವರ ಬಗ್ಗೆ ಯಾರಾದರೂ ವಾರಸುದಾರರು ಇದ್ದಲ್ಲಿ ದಿನಾಂಕ:- 10/9/2024 ರಂದು ಬೆಳಿಗ್ಗೆ 11-00 ಗಂಟೆಗೆ ಖುದ್ದು ತಾವಾಗಲಿ ಅಥವಾ ತಮ್ಮ ವಕೀಲರ ಮುಖಾಂತರವಾಗಲೀ ಹಾಜರಾಗಿ ತಕರಾರು ಸಲ್ಲಿಸಬಹುದು.

ಇಲ್ಲವಾದಲ್ಲಿ ಪ್ರಕರಣವನ್ನು ಏಕಪಕ್ಷೀಯವಾಗಿ ತೀರ್ಮಾನಿಸಲಾಗುವುದು. 2024ನೇ ವರ್ಷದ ಆಗಸ್ಟ್ ತಿಂಗಳ 5ನೇ ದಿನ .

ನ್ಯಾಯಾಲಯದ ಅಪ್ಪಣೆ ಮೇರೆಗೆ,
ಅರ್ಜಿದಾರರ ಪರ ವಕೀಲರು.
ಬಿ.ಎಂ.ರಂಗನಾಥ
ಮಧುಗಿರಿ
ಸಹಿ/-
ಶಿರಸ್ತೇದಾರರು
ಅಧಿಕ ಸಿವಿಲ್ ನ್ಯಾಯಾಧೀಶರು ಮತ್ತು
ಜೆ.ಎಂ.ಎಫ್.ಸಿ.ನ್ಯಾಯಾಲಯ, ಮಧುಗಿರಿ
